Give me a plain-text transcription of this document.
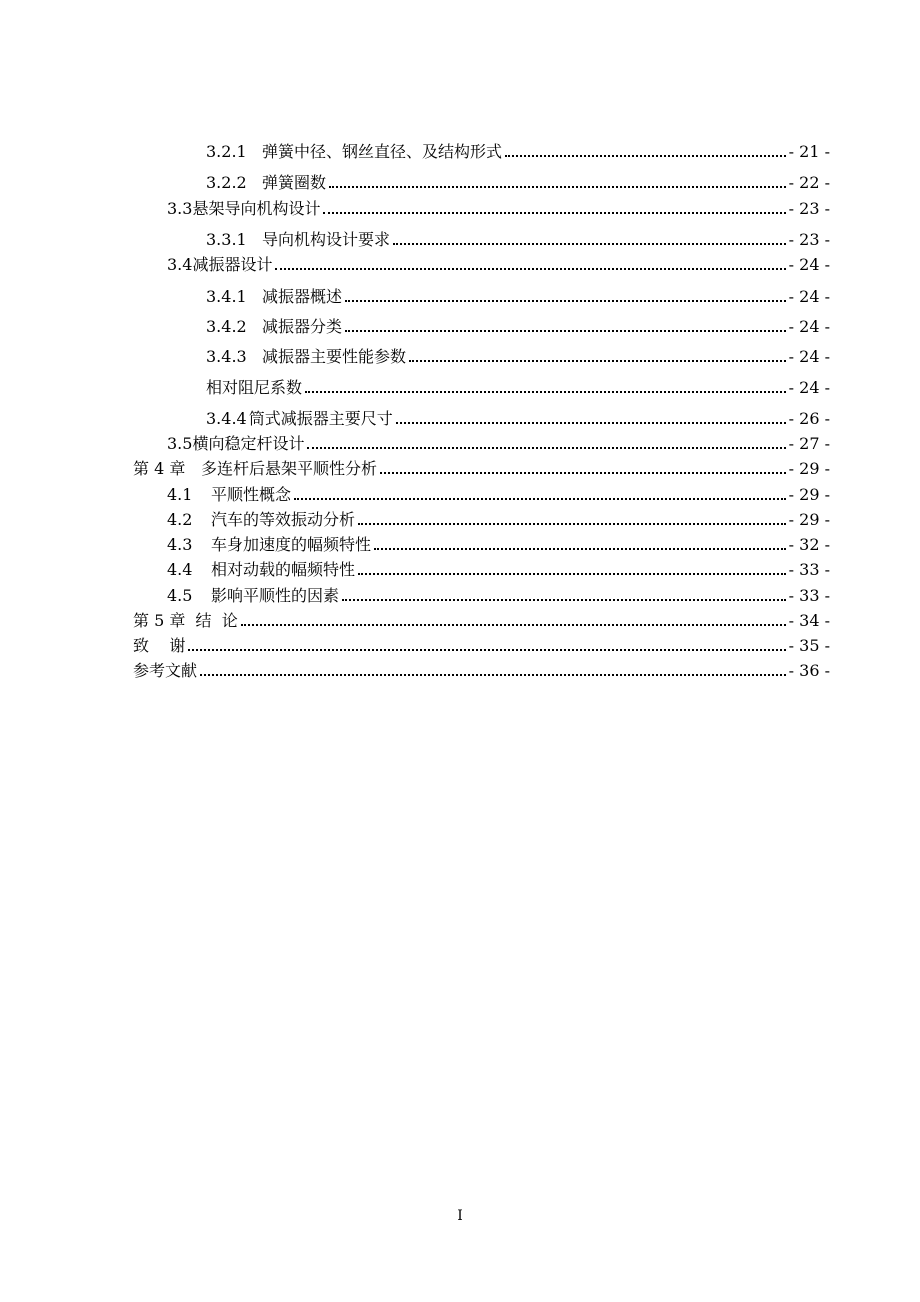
3.2.1 弹簧中径、钢丝直径、及结构形式	- 21 -
3.2.2 弹簧圈数	- 22 -
3.3 悬架导向机构设计	- 23 -
3.3.1 导向机构设计要求	- 23 -
3.4 减振器设计	- 24 -
3.4.1 减振器概述	- 24 -
3.4.2 减振器分类	- 24 -
3.4.3 减振器主要性能参数	- 24 -
相对阻尼系数	- 24 -
3.4.4 筒式减振器主要尺寸	- 26 -
3.5 横向稳定杆设计	- 27 -
第 4 章 多连杆后悬架平顺性分析	- 29 -
4.1	平顺性概念	- 29 -
4.2	汽车的等效振动分析	- 29 -
4.3	车身加速度的幅频特性	- 32 -
4.4	相对动载的幅频特性	- 33 -
4.5	影响平顺性的因素	- 33 -
第 5 章  结  论	- 34 -
致    谢	- 35 -
参考文献	- 36 -
I
